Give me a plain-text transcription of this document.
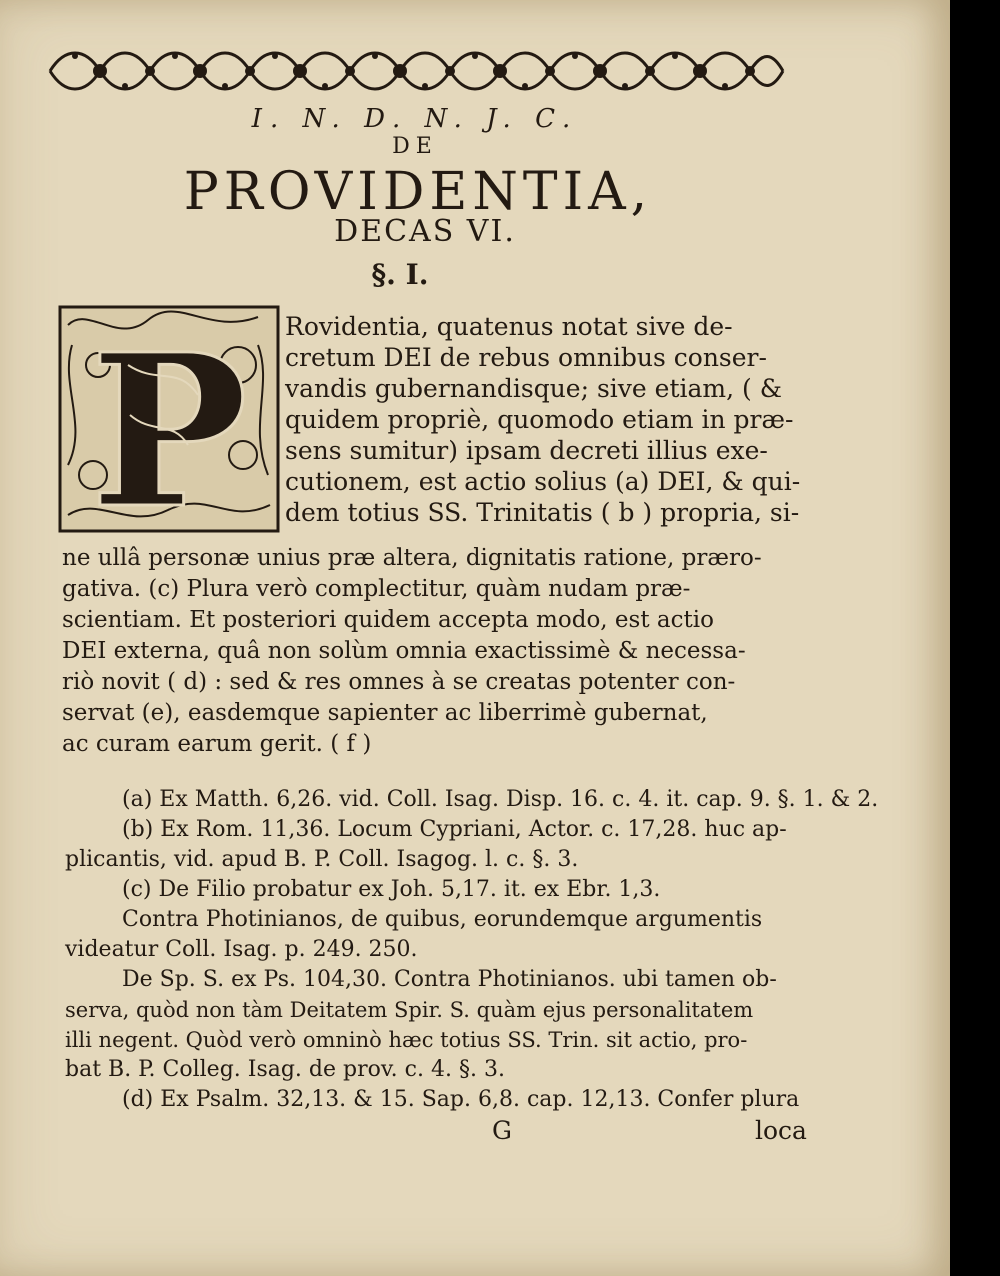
I. N. D. N. J. C.
DE
PROVIDENTIA,
DECAS VI.
§. I.
P Rovidentia, quatenus notat sive de-
cretum DEI de rebus omnibus conser-
vandis gubernandisque; sive etiam, ( &
quidem propriè, quomodo etiam in præ-
sens sumitur) ipsam decreti illius exe-
cutionem, est actio solius (a) DEI, & qui-
dem totius SS. Trinitatis ( b ) propria, si-
ne ullâ personæ unius præ altera, dignitatis ratione, præro-
gativa. (c) Plura verò complectitur, quàm nudam præ-
scientiam. Et posteriori quidem accepta modo, est actio
DEI externa, quâ non solùm omnia exactissimè & necessa-
riò novit ( d) : sed & res omnes à se creatas potenter con-
servat (e), easdemque sapienter ac liberrimè gubernat,
ac curam earum gerit. ( f )
(a) Ex Matth. 6,26. vid. Coll. Isag. Disp. 16. c. 4. it. cap. 9. §. 1. & 2.
(b) Ex Rom. 11,36. Locum Cypriani, Actor. c. 17,28. huc ap-
plicantis, vid. apud B. P. Coll. Isagog. l. c. §. 3.
(c) De Filio probatur ex Joh. 5,17. it. ex Ebr. 1,3.
Contra Photinianos, de quibus, eorundemque argumentis
videatur Coll. Isag. p. 249. 250.
De Sp. S. ex Ps. 104,30. Contra Photinianos. ubi tamen ob-
serva, quòd non tàm Deitatem Spir. S. quàm ejus personalitatem
illi negent. Quòd verò omninò hæc totius SS. Trin. sit actio, pro-
bat B. P. Colleg. Isag. de prov. c. 4. §. 3.
(d) Ex Psalm. 32,13. & 15. Sap. 6,8. cap. 12,13. Confer plura
G	loca
